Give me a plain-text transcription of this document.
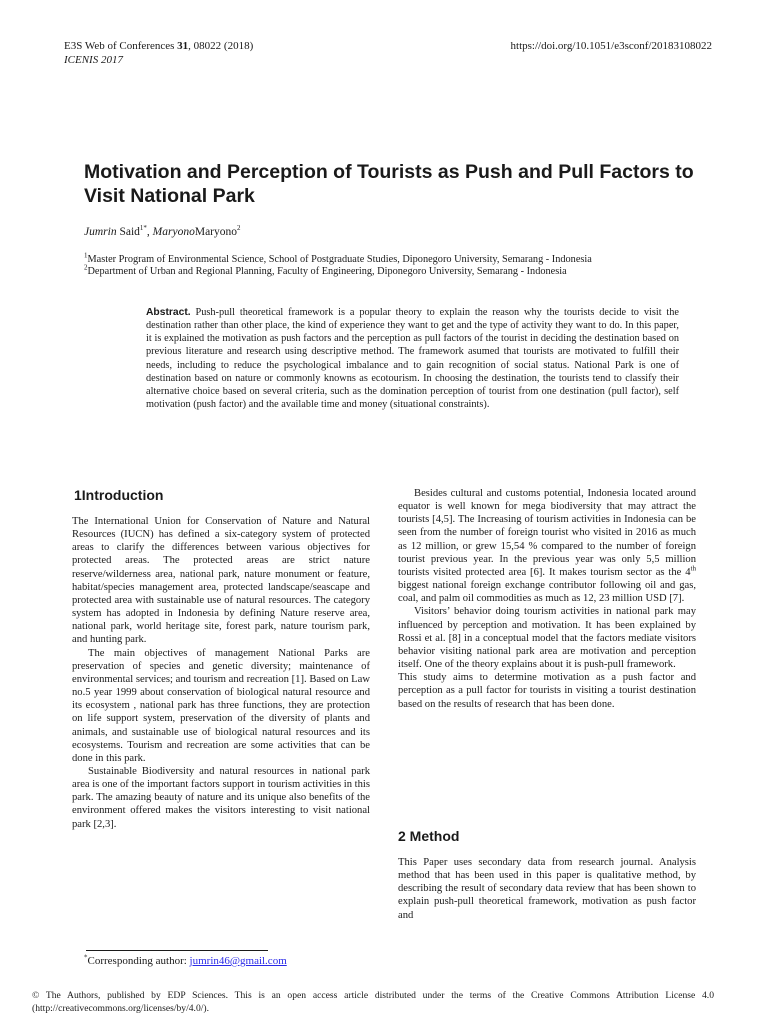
E3S Web of Conferences 31, 08022 (2018)	https://doi.org/10.1051/e3sconf/20183108022
ICENIS 2017
Motivation and Perception of Tourists as Push and Pull Factors to Visit National Park
Jumrin Said$^{1*}$, MaryonoMaryono$^2$
$^1$Master Program of Environmental Science, School of Postgraduate Studies, Diponegoro University, Semarang - Indonesia
$^2$Department of Urban and Regional Planning, Faculty of Engineering, Diponegoro University, Semarang - Indonesia
Abstract. Push-pull theoretical framework is a popular theory to explain the reason why the tourists decide to visit the destination rather than other place, the kind of experience they want to get and the type of activity they want to do. In this paper, it is explained the motivation as push factors and the perception as pull factors of the tourist in deciding the destination based on previous literature and research using descriptive method. The framework asumed that tourists are motivated to fulfill their needs, including to reduce the psychological imbalance and to gain recognition of social status. National Park is one of destination based on nature or commonly knowns as ecotourism. In choosing the destination, the tourists tend to classify their alternative choice based on several criteria, such as the domination perception of tourist from one destination (pull factor), self motivation (push factor) and the available time and money (situational constraints).
1Introduction

The International Union for Conservation of Nature and Natural Resources (IUCN) has defined a six-category system of protected areas to clarify the differences between various objectives for protected areas. The protected areas are strict nature reserve/wilderness area, national park, nature monument or feature, habitat/species management area, protected landscape/seascape and protected area with sustainable use of natural resources. The category system has adopted in Indonesia by defining Nature reserve area, national park, world heritage site, forest park, nature tourism park, and hunting park.

The main objectives of management National Parks are preservation of species and genetic diversity; maintenance of environmental services; and tourism and recreation [1]. Based on Law no.5 year 1999 about conservation of biological natural resource and its ecosystem , national park has three functions, they are protection on life support system, preservation of the diversity of plants and animals, and sustainable use of biological natural resources and its ecosystems. Tourism and recreation are some activities that can be done in this park.

Sustainable Biodiversity and natural resources in national park area is one of the important factors support in tourism activities in this park. The amazing beauty of nature and its unique also benefits of the environment offered makes the visitors interesting to visit national park [2,3].

Besides cultural and customs potential, Indonesia located around equator is well known for mega biodiversity that may attract the tourists [4,5]. The Increasing of tourism activities in Indonesia can be seen from the number of foreign tourist who visited in 2016 as much as 12 million, or grew 15,54 % compared to the number of foreign tourist previous year. In the previous year was only 5,5 million tourists visited protected area [6]. It makes tourism sector as the 4th biggest national foreign exchange contributor following oil and gas, coal, and palm oil commodities as much as 12, 23 million USD [7].

Visitors’ behavior doing tourism activities in national park may influenced by perception and motivation. It has been explained by Rossi et al. [8] in a conceptual model that the factors mediate visitors behavior visiting national park area are motivation and perception itself. One of the theory explains about it is push-pull framework.

This study aims to determine motivation as a push factor and perception as a pull factor for tourists in visiting a tourist destination based on the results of research that has been done.

2 Method

This Paper uses secondary data from research journal. Analysis method that has been used in this paper is qualitative method, by describing the result of secondary data review that has been shown to explain push-pull theoretical framework, motivation as push factor and

*Corresponding author: jumrin46@gmail.com
© The Authors, published by EDP Sciences. This is an open access article distributed under the terms of the Creative Commons Attribution License 4.0 (http://creativecommons.org/licenses/by/4.0/).
